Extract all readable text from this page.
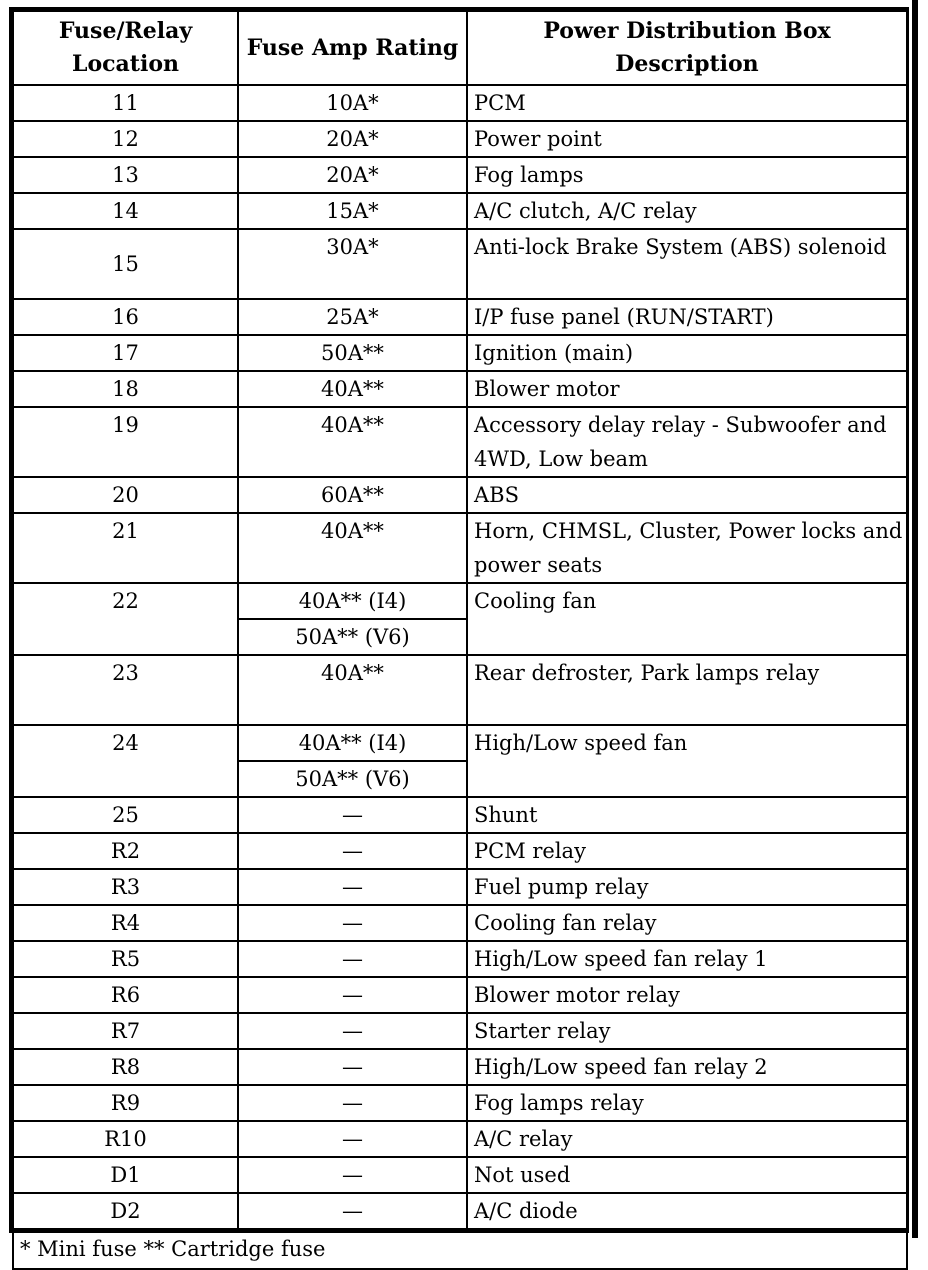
Fuse/Relay Location	Fuse Amp Rating	Power Distribution Box Description
11	10A*	PCM
12	20A*	Power point
13	20A*	Fog lamps
14	15A*	A/C clutch, A/C relay
15	30A*	Anti-lock Brake System (ABS) solenoid
16	25A*	I/P fuse panel (RUN/START)
17	50A**	Ignition (main)
18	40A**	Blower motor
19	40A**	Accessory delay relay - Subwoofer and 4WD, Low beam
20	60A**	ABS
21	40A**	Horn, CHMSL, Cluster, Power locks and power seats
22	40A** (I4)	Cooling fan
	50A** (V6)	
23	40A**	Rear defroster, Park lamps relay
24	40A** (I4)	High/Low speed fan
	50A** (V6)	
25	—	Shunt
R2	—	PCM relay
R3	—	Fuel pump relay
R4	—	Cooling fan relay
R5	—	High/Low speed fan relay 1
R6	—	Blower motor relay
R7	—	Starter relay
R8	—	High/Low speed fan relay 2
R9	—	Fog lamps relay
R10	—	A/C relay
D1	—	Not used
D2	—	A/C diode
* Mini fuse ** Cartridge fuse		
